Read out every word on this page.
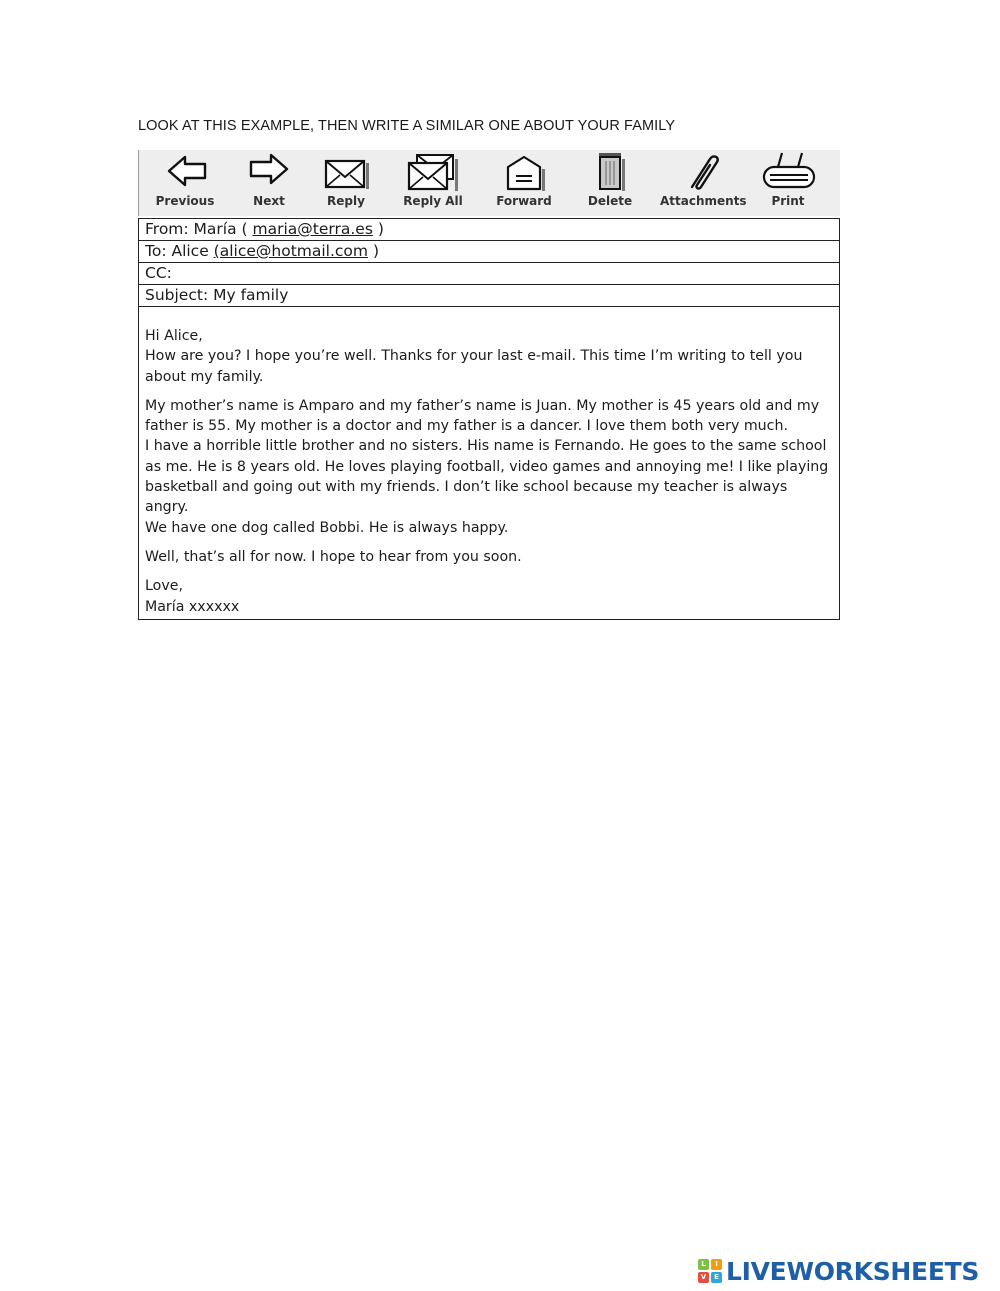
LOOK AT THIS EXAMPLE, THEN WRITE A SIMILAR ONE ABOUT YOUR FAMILY
Previous	Next	Reply	Reply All	Forward	Delete	Attachments	Print
From: María ( maria@terra.es )
To: Alice (alice@hotmail.com )
CC:
Subject: My family

Hi Alice,

How are you? I hope you’re well. Thanks for your last e-mail. This time I’m writing to tell you about my family.

My mother’s name is Amparo and my father’s name is Juan. My mother is 45 years old and my father is 55. My mother is a doctor and my father is a dancer. I love them both very much.

I have a horrible little brother and no sisters. His name is Fernando. He goes to the same school as me. He is 8 years old. He loves playing football, video games and annoying me! I like playing basketball and going out with my friends. I don’t like school because my teacher is always angry.

We have one dog called Bobbi. He is always happy.

Well, that’s all for now. I hope to hear from you soon.

Love,

María xxxxxx

L	I
V	E LIVEWORKSHEETS
